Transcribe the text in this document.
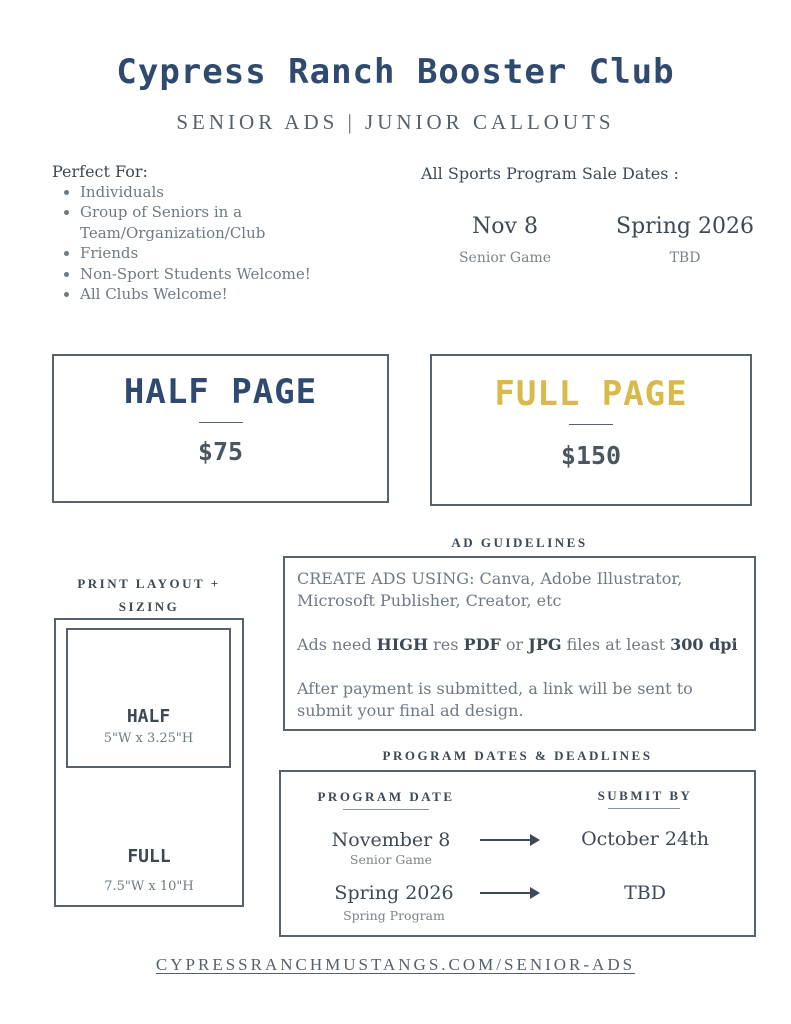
Cypress Ranch Booster Club
SENIOR ADS | JUNIOR CALLOUTS
Perfect For:
• Individuals
• Group of Seniors in a Team/Organization/Club
• Friends
• Non-Sport Students Welcome!
• All Clubs Welcome!
All Sports Program Sale Dates :
Nov 8
Senior Game
Spring 2026
TBD
HALF PAGE
$75
FULL PAGE
$150
PRINT LAYOUT + SIZING
HALF
5"W x 3.25"H
FULL
7.5"W x 10"H
AD GUIDELINES
CREATE ADS USING: Canva, Adobe Illustrator, Microsoft Publisher, Creator, etc
Ads need HIGH res PDF or JPG files at least 300 dpi
After payment is submitted, a link will be sent to submit your final ad design.
PROGRAM DATES & DEADLINES
PROGRAM DATE	SUBMIT BY
November 8
Senior Game
October 24th
Spring 2026
Spring Program
TBD
CYPRESSRANCHMUSTANGS.COM/SENIOR-ADS
